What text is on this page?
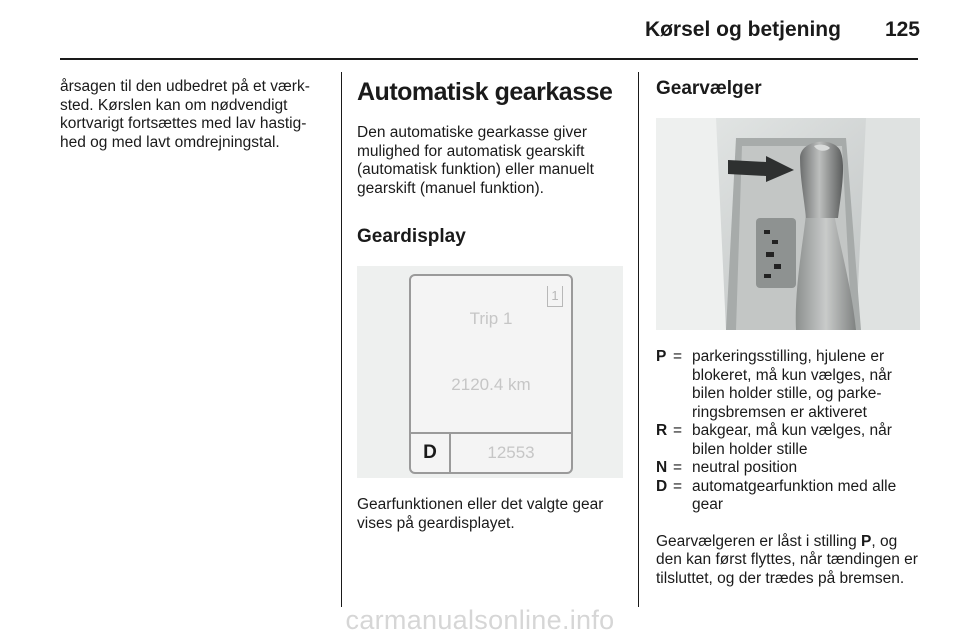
Kørsel og betjening 125

årsagen til den udbedret på et værk- sted. Kørslen kan om nødvendigt kortvarigt fortsættes med lav hastig- hed og med lavt omdrejningstal.

Automatisk gearkasse

Den automatiske gearkasse giver mulighed for automatisk gearskift (automatisk funktion) eller manuelt gearskift (manuel funktion).

Geardisplay
1
Trip 1
2120.4 km
D	12553

Gearfunktionen eller det valgte gear vises på geardisplayet.

Gearvælger
P = parkeringsstilling, hjulene er blokeret, må kun vælges, når bilen holder stille, og parke- ringsbremsen er aktiveret
R = bakgear, må kun vælges, når bilen holder stille
N = neutral position
D = automatgearfunktion med alle gear

Gearvælgeren er låst i stilling P, og den kan først flyttes, når tændingen er tilsluttet, og der trædes på bremsen.

carmanualsonline.info
